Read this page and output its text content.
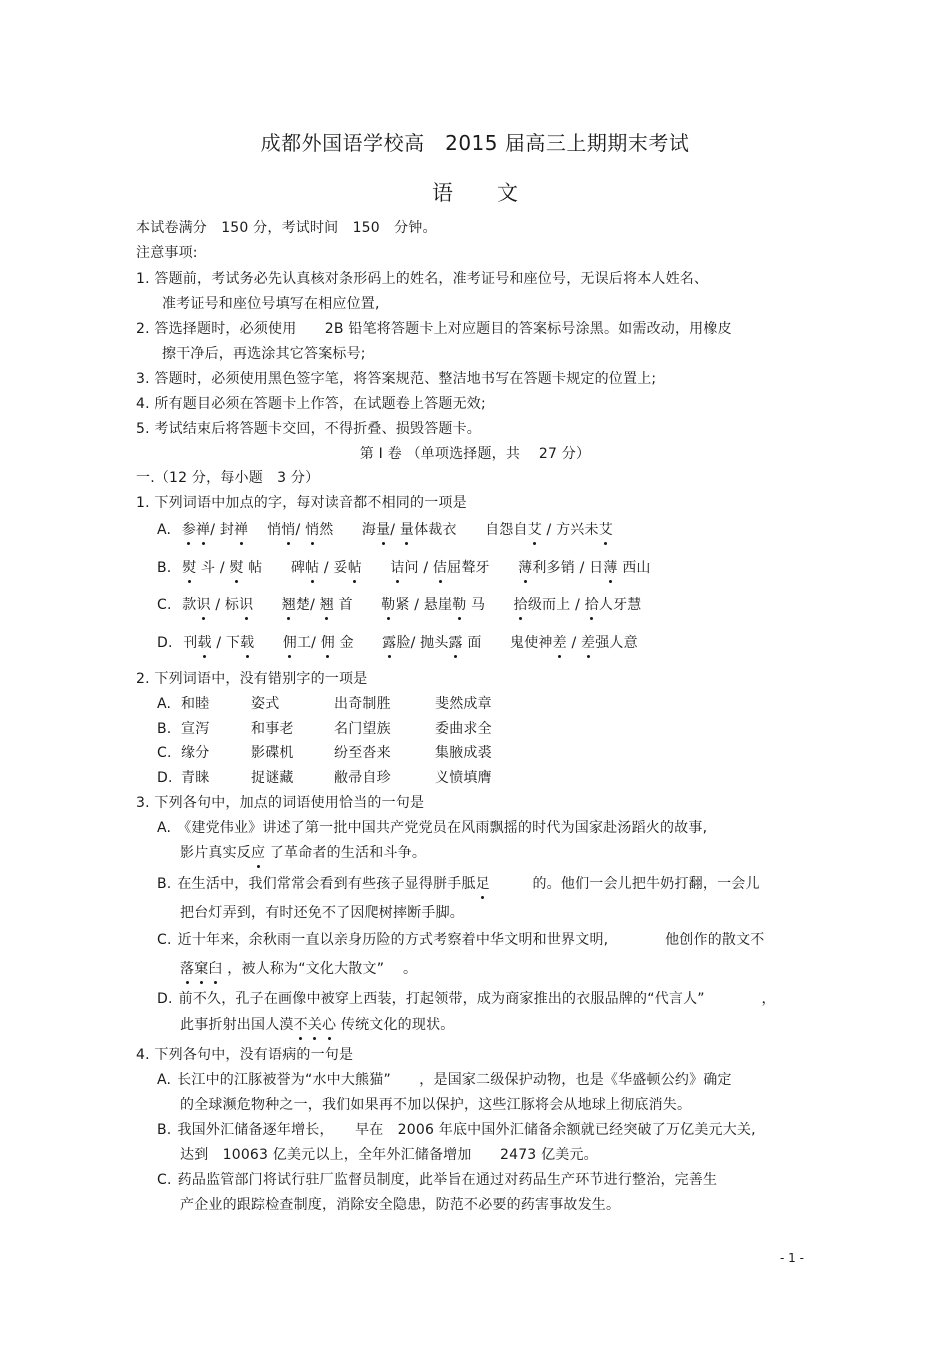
成都外国语学校高　2015 届高三上期期末考试
语文
本试卷满分　150 分，考试时间　150　分钟。
注意事项:
1. 答题前，考试务必先认真核对条形码上的姓名，准考证号和座位号，无误后将本人姓名、
准考证号和座位号填写在相应位置,
2. 答选择题时，必须使用　　2B 铅笔将答题卡上对应题目的答案标号涂黑。如需改动，用橡皮
擦干净后，再选涂其它答案标号;
3. 答题时，必须使用黑色签字笔，将答案规范、整洁地书写在答题卡规定的位置上;
4. 所有题目必须在答题卡上作答，在试题卷上答题无效;
5. 考试结束后将答题卡交回，不得折叠、损毁答题卡。
第 I 卷 （单项选择题，共　 27 分）
一.（12 分，每小题　3 分）
1. 下列词语中加点的字，每对读音都不相同的一项是
A. 参禅/ 封禅　 悄悄/ 悄然　　海量/ 量体裁衣　　自怨自艾 / 方兴未艾
B. 熨 斗 / 熨 帖　　碑帖 / 妥帖　　 诘问 / 佶屈聱牙　　薄利多销 / 日薄 西山
C. 款识 / 标识　　 翘楚/ 翘 首　　勒紧 / 悬崖勒 马　　拾级而上 / 拾人牙慧
D. 刊载 / 下载　　 佣工/ 佣 金　　露脸/ 抛头露 面　　鬼使神差 / 差强人意
2. 下列词语中，没有错别字的一项是
A. 和睦	姿式	出奇制胜	斐然成章
B. 宣泻	和事老	名门望族	委曲求全
C. 缘分	影碟机	纷至沓来	集腋成裘
D. 青睐	捉谜藏	敝帚自珍	义愤填膺
3. 下列各句中，加点的词语使用恰当的一句是
A. 《建党伟业》讲述了第一批中国共产党党员在风雨飘摇的时代为国家赴汤蹈火的故事,
影片真实反应 了革命者的生活和斗争。
B. 在生活中，我们常常会看到有些孩子显得胼手胝足　　　的。他们一会儿把牛奶打翻，一会儿
把台灯弄到，有时还免不了因爬树摔断手脚。
C. 近十年来，余秋雨一直以亲身历险的方式考察着中华文明和世界文明,　　　　他创作的散文不
落窠臼 ，被人称为“文化大散文”　 。
D. 前不久，孔子在画像中被穿上西装，打起领带，成为商家推出的衣服品牌的“代言人”　　　　，
此事折射出国人漠不关心 传统文化的现状。
4. 下列各句中，没有语病的一句是
A. 长江中的江豚被誉为“水中大熊猫”　　，是国家二级保护动物，也是《华盛顿公约》确定
的全球濒危物种之一，我们如果再不加以保护，这些江豚将会从地球上彻底消失。
B. 我国外汇储备逐年增长，　　早在　2006 年底中国外汇储备余额就已经突破了万亿美元大关,
达到　10063 亿美元以上，全年外汇储备增加　　2473 亿美元。
C. 药品监管部门将试行驻厂监督员制度，此举旨在通过对药品生产环节进行整治，完善生
产企业的跟踪检查制度，消除安全隐患，防范不必要的药害事故发生。
- 1 -
